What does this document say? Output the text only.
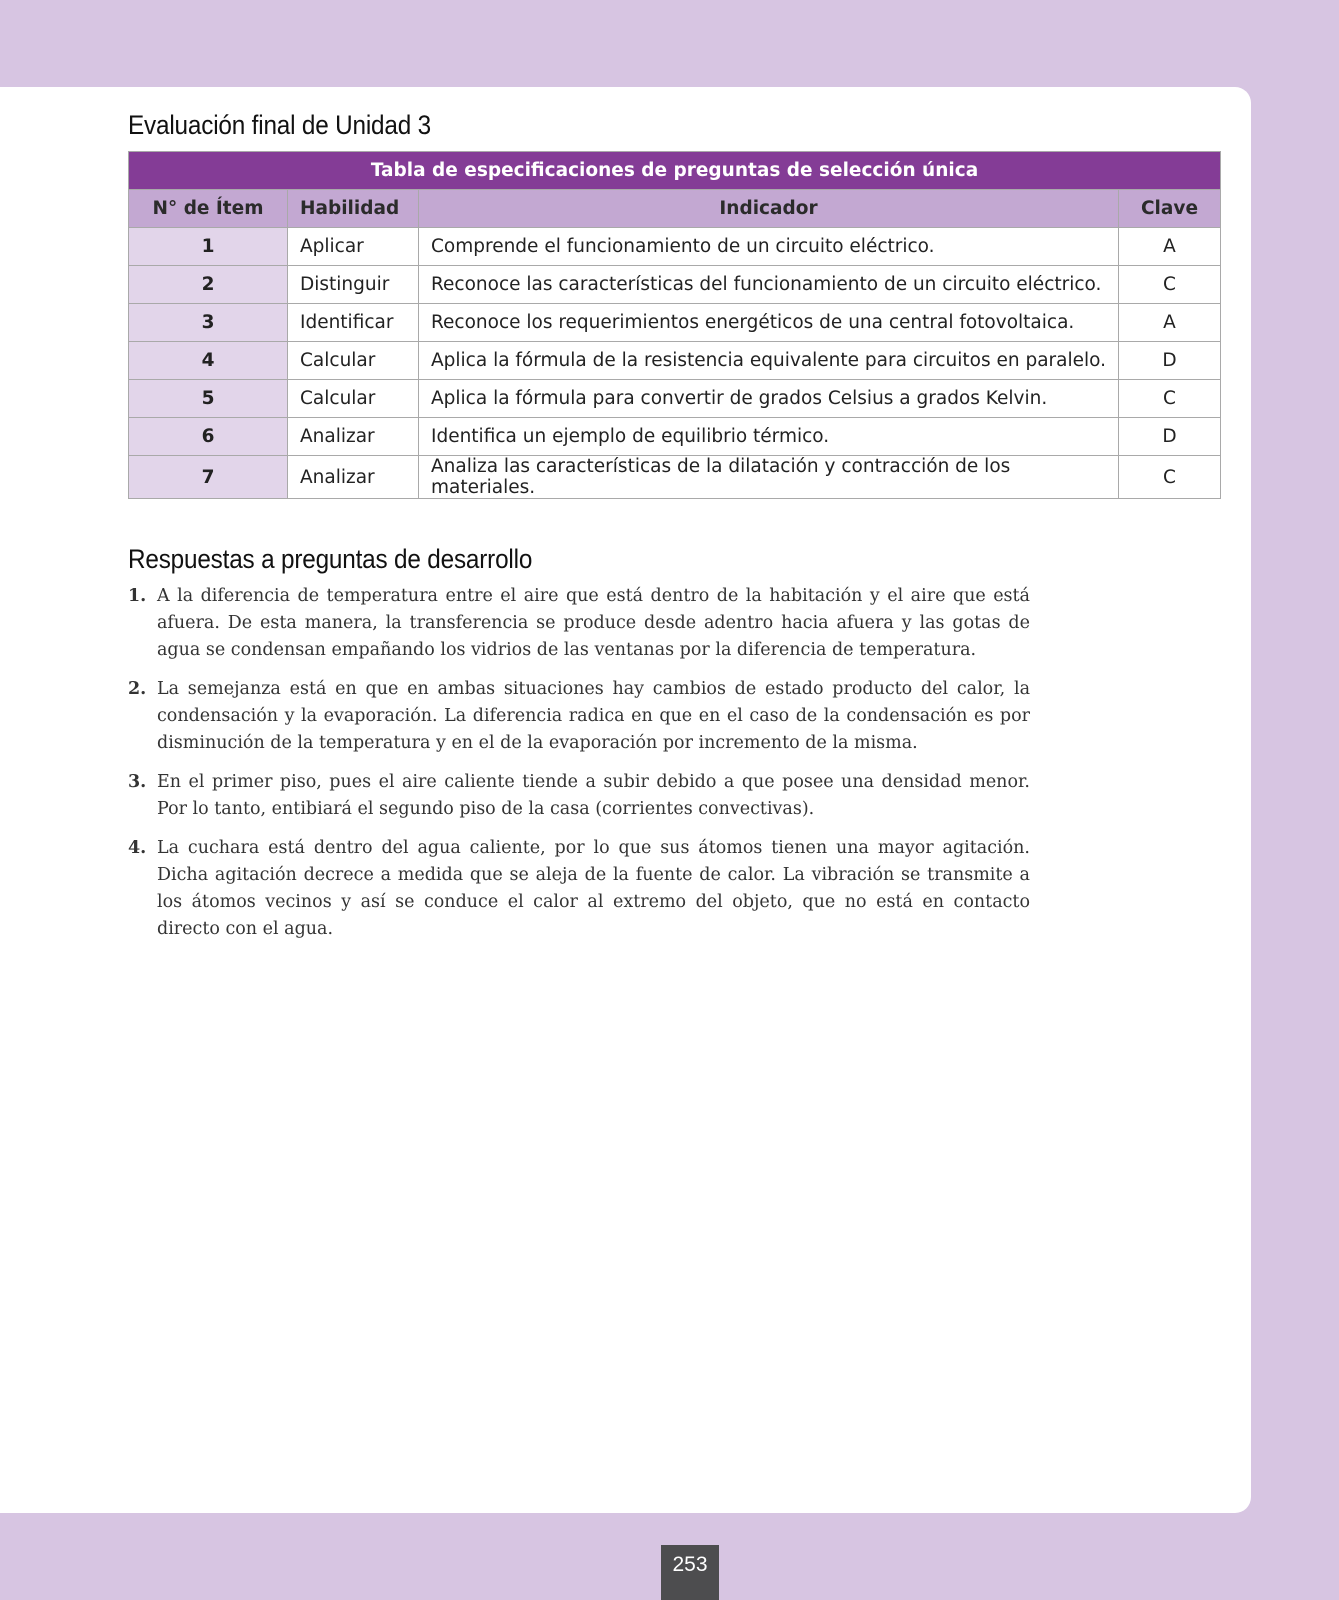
Evaluación final de Unidad 3
Tabla de especificaciones de preguntas de selección única			
N° de Ítem	Habilidad	Indicador	Clave
1	Aplicar	Comprende el funcionamiento de un circuito eléctrico.	A
2	Distinguir	Reconoce las características del funcionamiento de un circuito eléctrico.	C
3	Identificar	Reconoce los requerimientos energéticos de una central fotovoltaica.	A
4	Calcular	Aplica la fórmula de la resistencia equivalente para circuitos en paralelo.	D
5	Calcular	Aplica la fórmula para convertir de grados Celsius a grados Kelvin.	C
6	Analizar	Identifica un ejemplo de equilibrio térmico.	D
7	Analizar	Analiza las características de la dilatación y contracción de los materiales.	C
Respuestas a preguntas de desarrollo
1. A la diferencia de temperatura entre el aire que está dentro de la habitación y el aire que está afuera. De esta manera, la transferencia se produce desde adentro hacia afuera y las gotas de agua se condensan empañando los vidrios de las ventanas por la diferencia de temperatura.
2. La semejanza está en que en ambas situaciones hay cambios de estado producto del calor, la condensación y la evaporación. La diferencia radica en que en el caso de la condensación es por disminución de la temperatura y en el de la evaporación por incremento de la misma.
3. En el primer piso, pues el aire caliente tiende a subir debido a que posee una densidad menor. Por lo tanto, entibiará el segundo piso de la casa (corrientes convectivas).
4. La cuchara está dentro del agua caliente, por lo que sus átomos tienen una mayor agitación. Dicha agitación decrece a medida que se aleja de la fuente de calor. La vibración se transmite a los átomos vecinos y así se conduce el calor al extremo del objeto, que no está en contacto directo con el agua.
253
